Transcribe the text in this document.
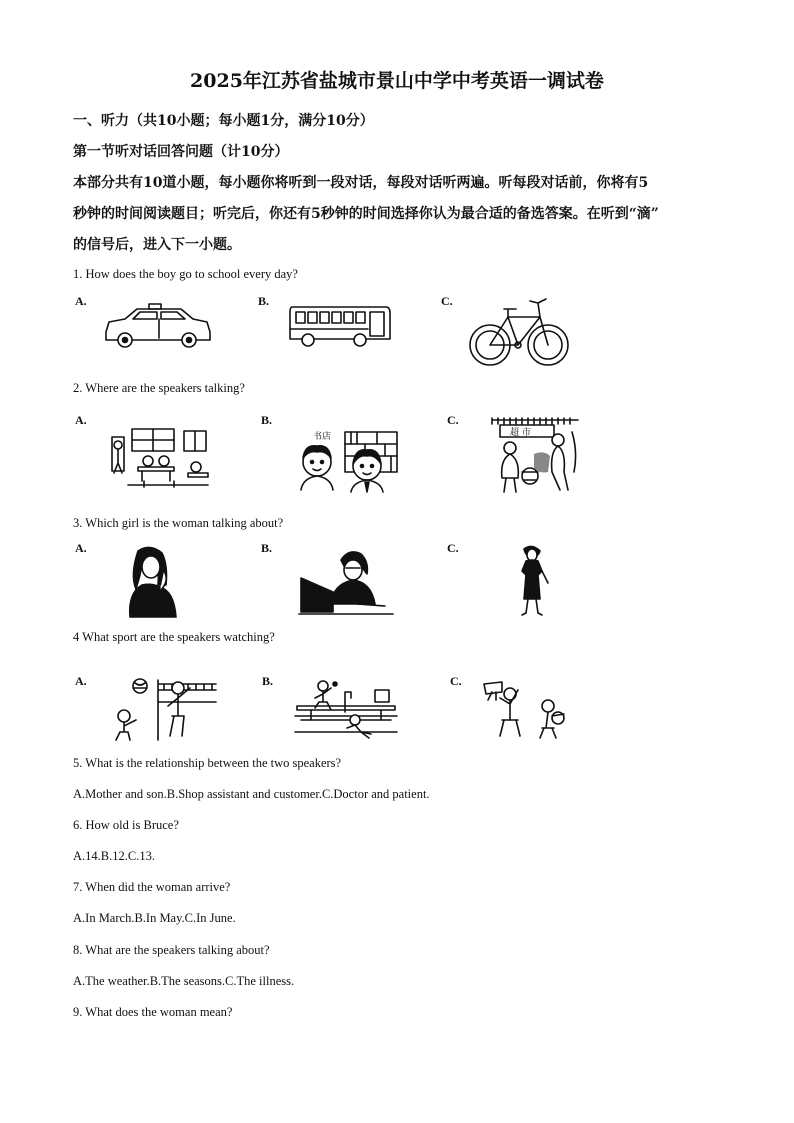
2025年江苏省盐城市景山中学中考英语一调试卷
一、听力（共10小题；每小题1分，满分10分）
第一节听对话回答问题（计10分）
本部分共有10道小题，每小题你将听到一段对话，每段对话听两遍。听每段对话前，你将有5
秒钟的时间阅读题目；听完后，你还有5秒钟的时间选择你认为最合适的备选答案。在听到“滴”
的信号后，进入下一小题。
1. How does the boy go to school every day?
A.	B.	C.
2. Where are the speakers talking?
A.	B.	C.
书店	超 市
3. Which girl is the woman talking about?
A.	B.	C.
4 What sport are the speakers watching?
A.	B.	C.
5. What is the relationship between the two speakers?
A.Mother and son.B.Shop assistant and customer.C.Doctor and patient.
6. How old is Bruce?
A.14.B.12.C.13.
7. When did the woman arrive?
A.In March.B.In May.C.In June.
8. What are the speakers talking about?
A.The weather.B.The seasons.C.The illness.
9. What does the woman mean?
